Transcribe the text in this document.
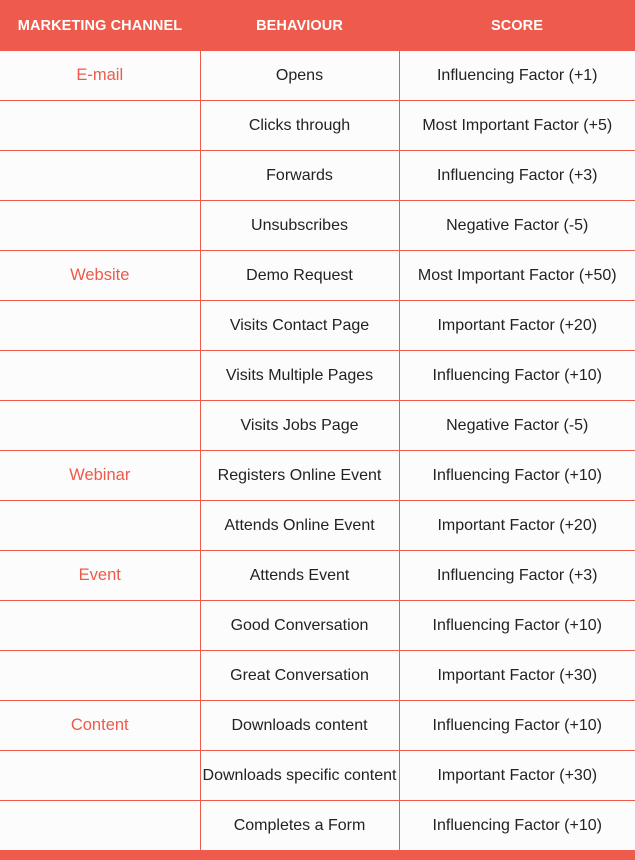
MARKETING CHANNEL	BEHAVIOUR	SCORE
E-mail	Opens	Influencing Factor (+1)
	Clicks through	Most Important Factor (+5)
	Forwards	Influencing Factor (+3)
	Unsubscribes	Negative Factor (-5)
Website	Demo Request	Most Important Factor (+50)
	Visits Contact Page	Important Factor (+20)
	Visits Multiple Pages	Influencing Factor (+10)
	Visits Jobs Page	Negative Factor (-5)
Webinar	Registers Online Event	Influencing Factor (+10)
	Attends Online Event	Important Factor (+20)
Event	Attends Event	Influencing Factor (+3)
	Good Conversation	Influencing Factor (+10)
	Great Conversation	Important Factor (+30)
Content	Downloads content	Influencing Factor (+10)
	Downloads specific content	Important Factor (+30)
	Completes a Form	Influencing Factor (+10)
